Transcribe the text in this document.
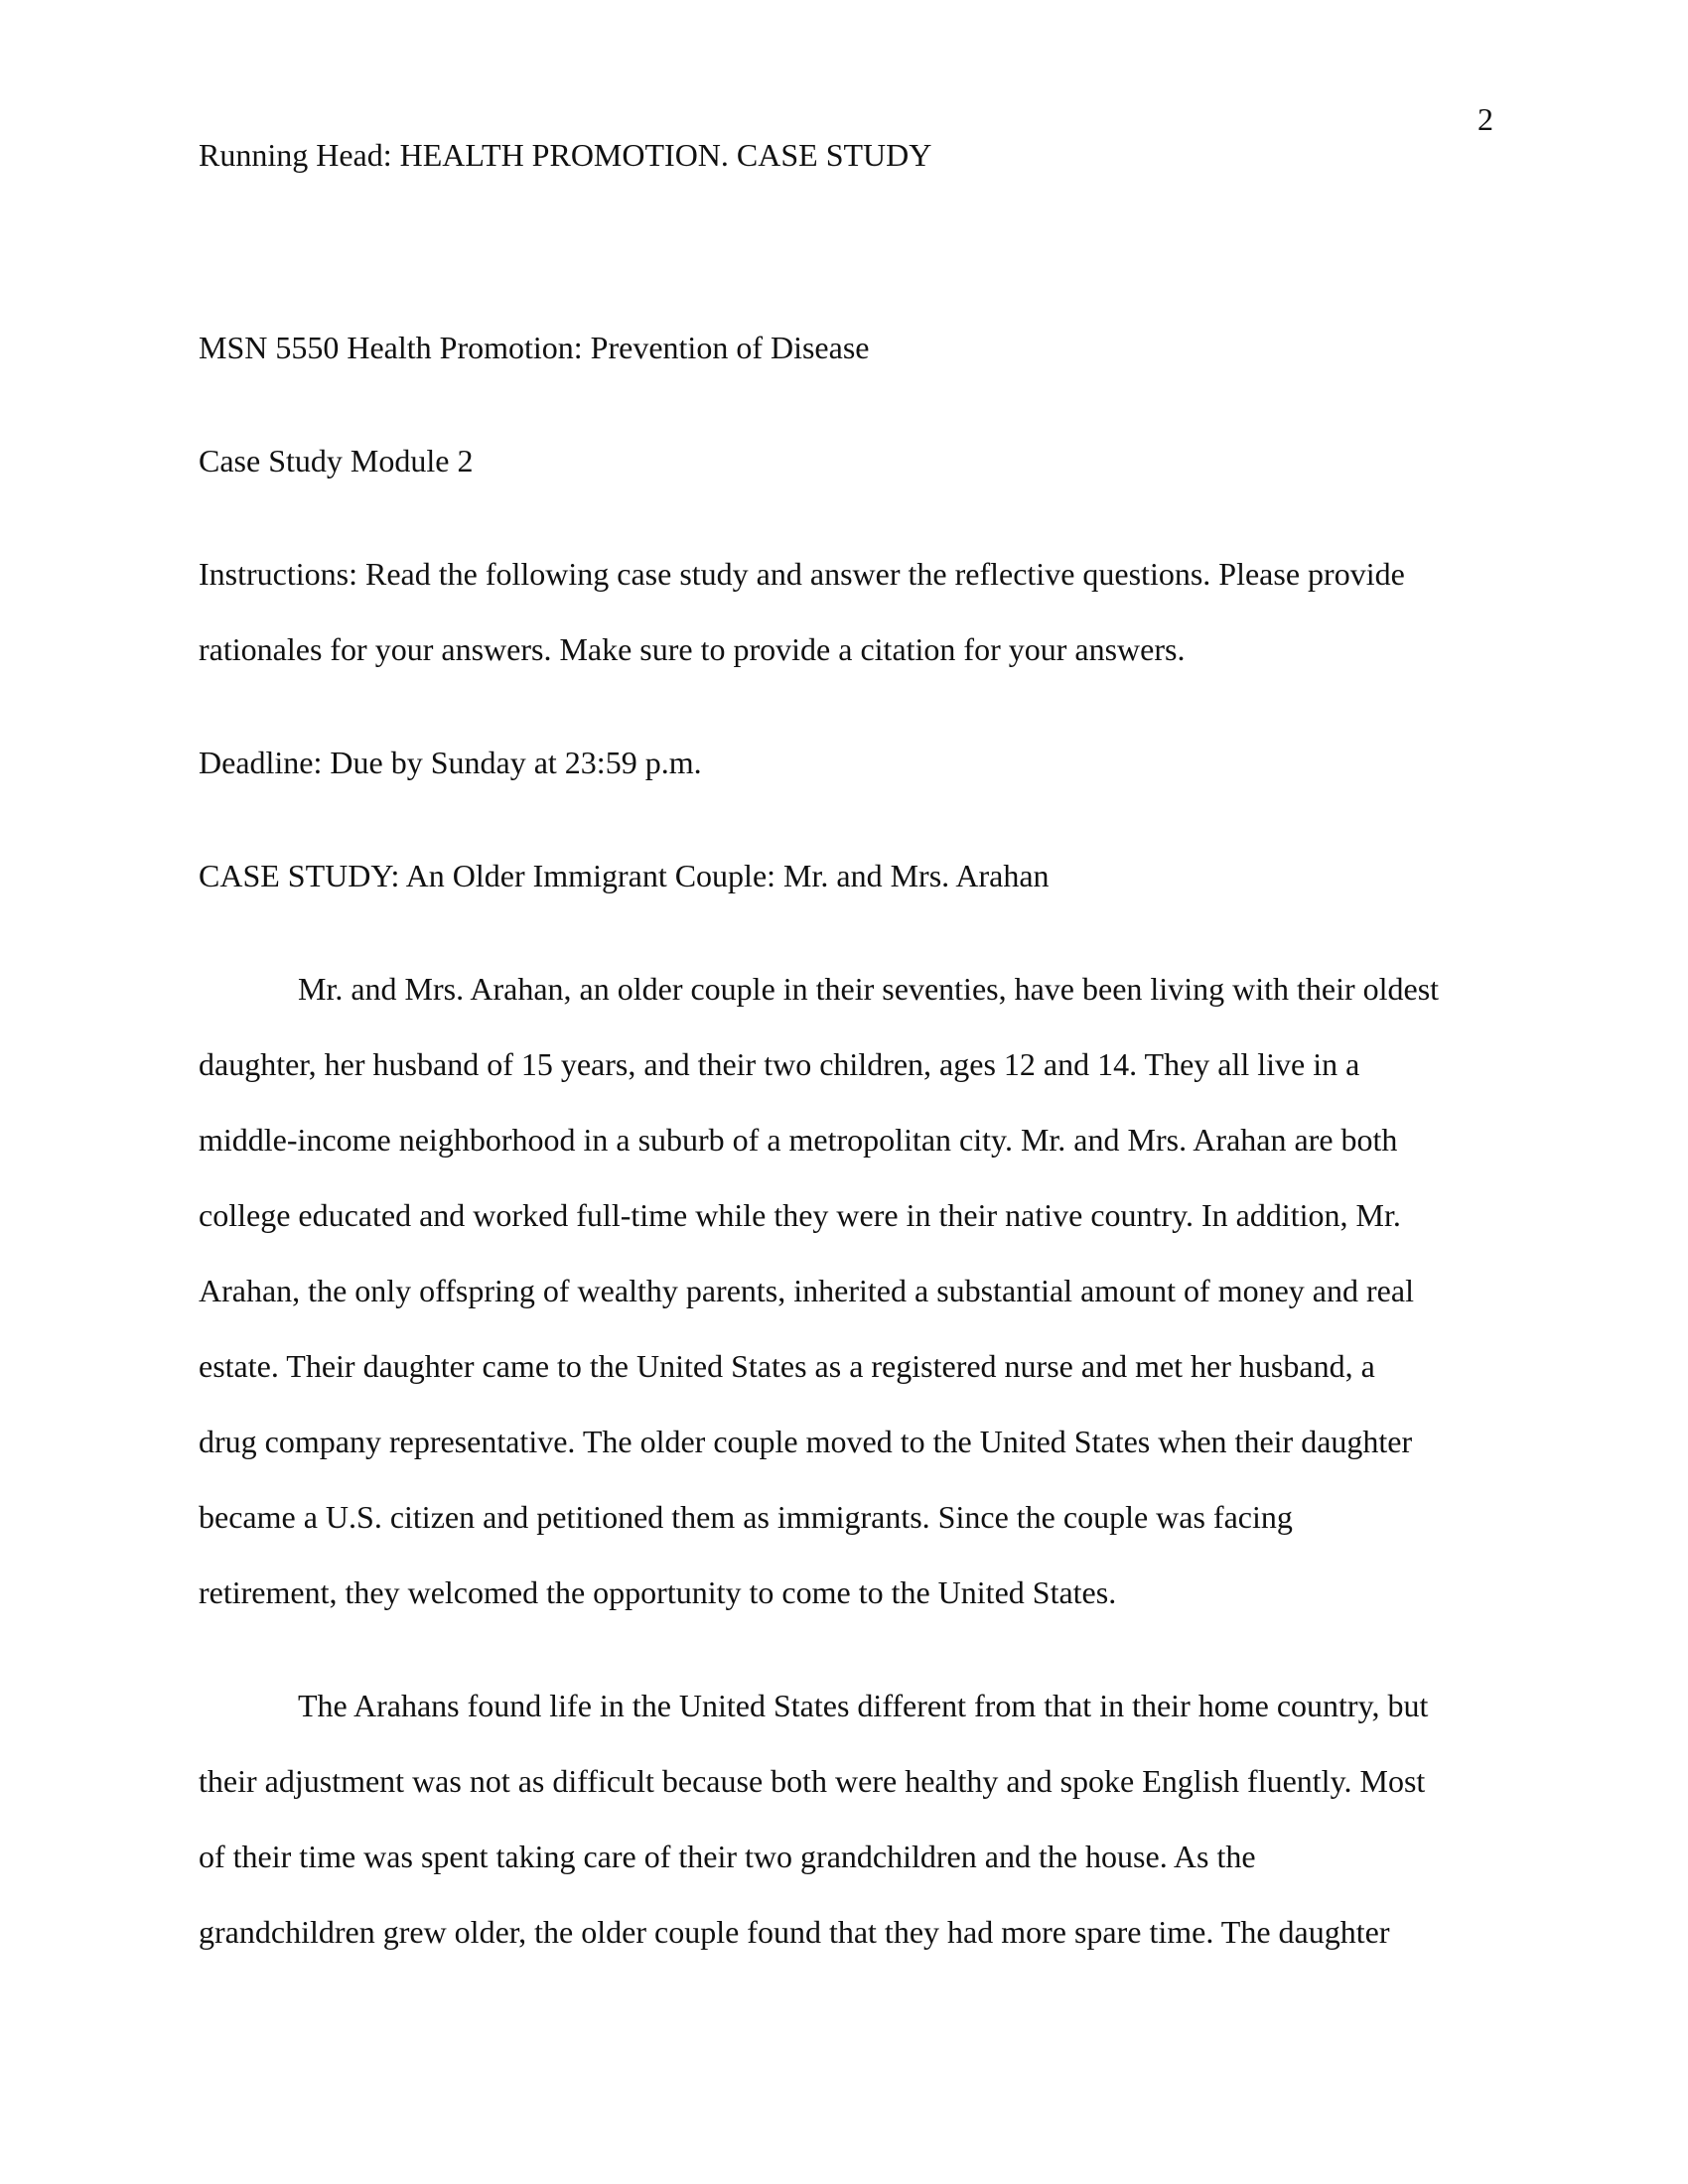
2
Running Head: HEALTH PROMOTION. CASE STUDY

MSN 5550 Health Promotion: Prevention of Disease

Case Study Module 2

Instructions: Read the following case study and answer the reflective questions. Please provide

rationales for your answers. Make sure to provide a citation for your answers.

Deadline: Due by Sunday at 23:59 p.m.

CASE STUDY: An Older Immigrant Couple: Mr. and Mrs. Arahan

Mr. and Mrs. Arahan, an older couple in their seventies, have been living with their oldest

daughter, her husband of 15 years, and their two children, ages 12 and 14. They all live in a

middle-income neighborhood in a suburb of a metropolitan city. Mr. and Mrs. Arahan are both

college educated and worked full-time while they were in their native country. In addition, Mr.

Arahan, the only offspring of wealthy parents, inherited a substantial amount of money and real

estate. Their daughter came to the United States as a registered nurse and met her husband, a

drug company representative. The older couple moved to the United States when their daughter

became a U.S. citizen and petitioned them as immigrants. Since the couple was facing

retirement, they welcomed the opportunity to come to the United States.

The Arahans found life in the United States different from that in their home country, but

their adjustment was not as difficult because both were healthy and spoke English fluently. Most

of their time was spent taking care of their two grandchildren and the house. As the

grandchildren grew older, the older couple found that they had more spare time. The daughter
